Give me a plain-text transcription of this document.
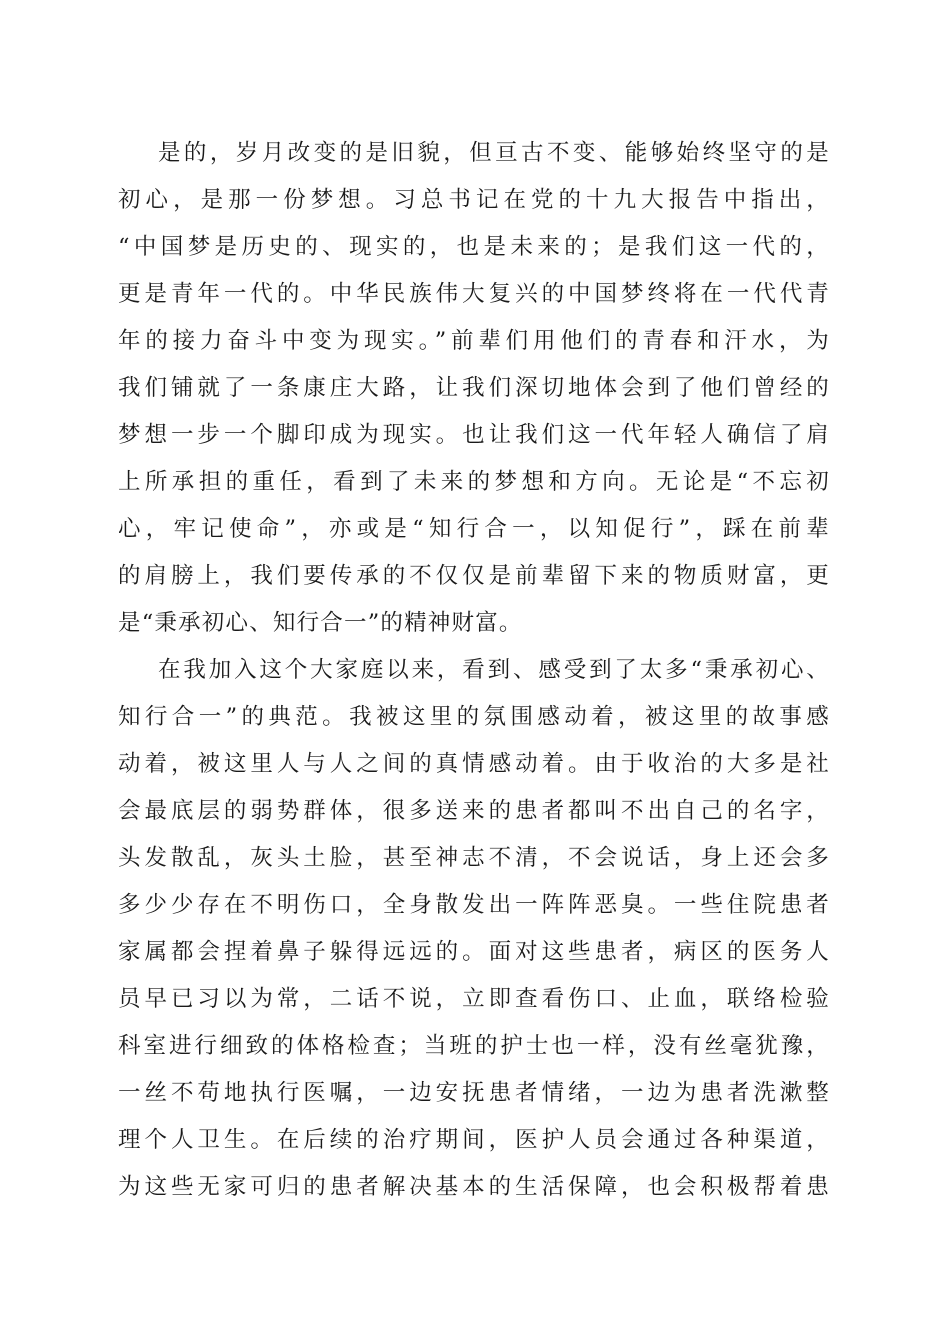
是的，岁月改变的是旧貌，但亘古不变、能够始终坚守的是
初心，是那一份梦想。习总书记在党的十九大报告中指出，
“中国梦是历史的、现实的，也是未来的；是我们这一代的，
更是青年一代的。中华民族伟大复兴的中国梦终将在一代代青
年的接力奋斗中变为现实。”前辈们用他们的青春和汗水，为
我们铺就了一条康庄大路，让我们深切地体会到了他们曾经的
梦想一步一个脚印成为现实。也让我们这一代年轻人确信了肩
上所承担的重任，看到了未来的梦想和方向。无论是“不忘初
心，牢记使命”，亦或是“知行合一，以知促行”，踩在前辈
的肩膀上，我们要传承的不仅仅是前辈留下来的物质财富，更
是“秉承初心、知行合一”的精神财富。
在我加入这个大家庭以来，看到、感受到了太多“秉承初心、
知行合一”的典范。我被这里的氛围感动着，被这里的故事感
动着，被这里人与人之间的真情感动着。由于收治的大多是社
会最底层的弱势群体，很多送来的患者都叫不出自己的名字，
头发散乱，灰头土脸，甚至神志不清，不会说话，身上还会多
多少少存在不明伤口，全身散发出一阵阵恶臭。一些住院患者
家属都会捏着鼻子躲得远远的。面对这些患者，病区的医务人
员早已习以为常，二话不说，立即查看伤口、止血，联络检验
科室进行细致的体格检查；当班的护士也一样，没有丝毫犹豫，
一丝不苟地执行医嘱，一边安抚患者情绪，一边为患者洗漱整
理个人卫生。在后续的治疗期间，医护人员会通过各种渠道，
为这些无家可归的患者解决基本的生活保障，也会积极帮着患
